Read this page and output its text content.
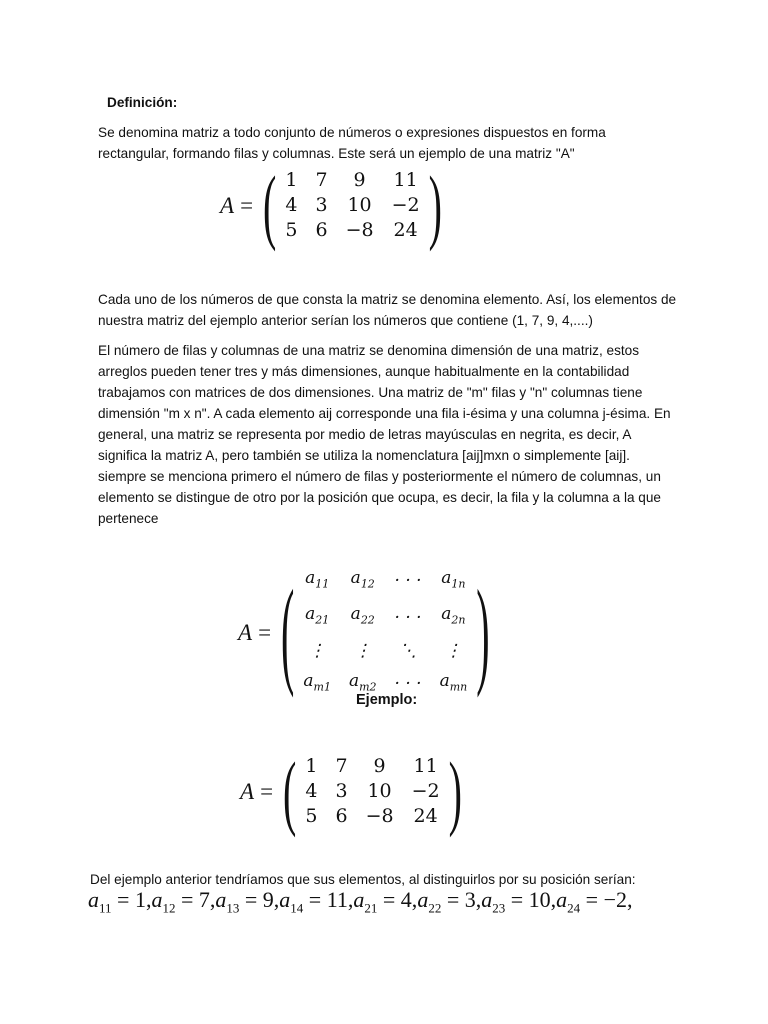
Definición:
Se denomina matriz a todo conjunto de números o expresiones dispuestos en forma
rectangular, formando filas y columnas. Este será un ejemplo de una matriz "A"
A = ( 1	7	9	11
4	3	10	−2
5	6	−8	24 )
Cada uno de los números de que consta la matriz se denomina elemento. Así, los elementos de
nuestra matriz del ejemplo anterior serían los números que contiene (1, 7, 9, 4,....)
El número de filas y columnas de una matriz se denomina dimensión de una matriz, estos
arreglos pueden tener tres y más dimensiones, aunque habitualmente en la contabilidad
trabajamos con matrices de dos dimensiones. Una matriz de "m" filas y "n" columnas tiene
dimensión "m x n". A cada elemento aij corresponde una fila i-ésima y una columna j-ésima. En
general, una matriz se representa por medio de letras mayúsculas en negrita, es decir, A
significa la matriz A, pero también se utiliza la nomenclatura [aij]mxn o simplemente [aij].
siempre se menciona primero el número de filas y posteriormente el número de columnas, un
elemento se distingue de otro por la posición que ocupa, es decir, la fila y la columna a la que
pertenece
A = ( $a_{11}$	$a_{12}$	· · ·	$a_{1n}$
$a_{21}$	$a_{22}$	· · ·	$a_{2n}$
⋮	⋮	⋱	⋮
$a_{m1}$	$a_{m2}$	· · ·	$a_{mn}$ )
Ejemplo:
A = ( 1	7	9	11
4	3	10	−2
5	6	−8	24 )
Del ejemplo anterior tendríamos que sus elementos, al distinguirlos por su posición serían:
$a_{11} = 1,a_{12} = 7,a_{13} = 9,a_{14} = 11,a_{21} = 4,a_{22} = 3,a_{23} = 10,a_{24} = -2$,
